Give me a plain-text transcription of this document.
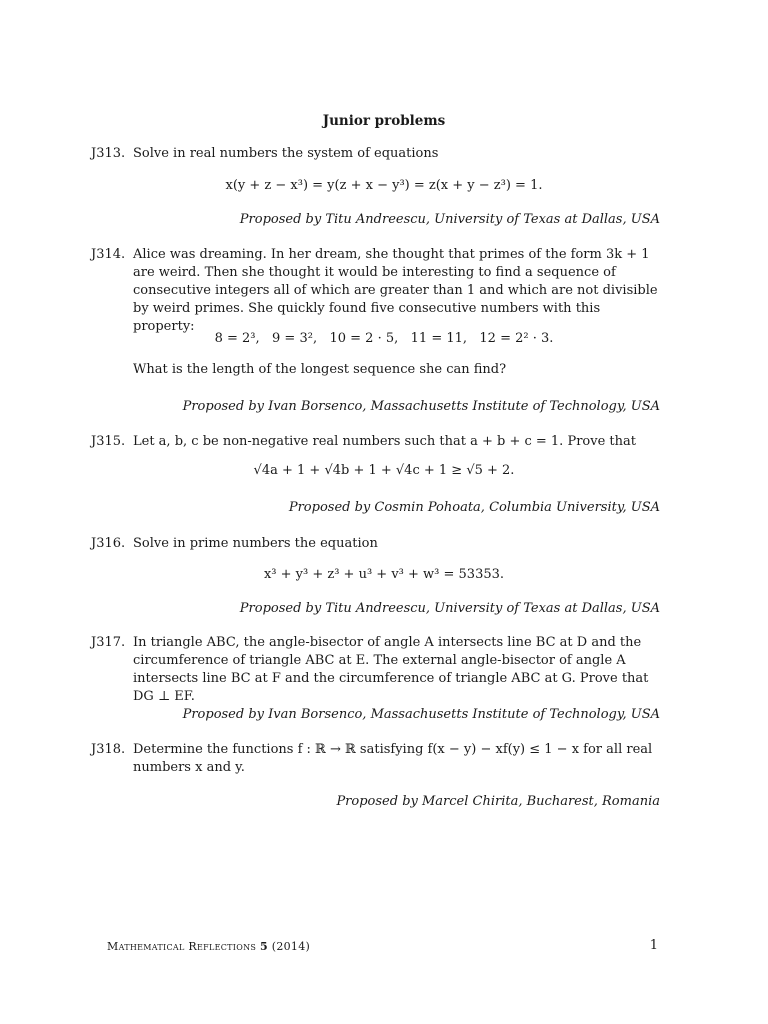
Junior problems
J313. Solve in real numbers the system of equations
x(y + z − x³) = y(z + x − y³) = z(x + y − z³) = 1.
Proposed by Titu Andreescu, University of Texas at Dallas, USA
J314. Alice was dreaming. In her dream, she thought that primes of the form 3k + 1 are weird. Then she thought it would be interesting to find a sequence of consecutive integers all of which are greater than 1 and which are not divisible by weird primes. She quickly found five consecutive numbers with this property:
8 = 2³,   9 = 3²,   10 = 2 · 5,   11 = 11,   12 = 2² · 3.
What is the length of the longest sequence she can find?
Proposed by Ivan Borsenco, Massachusetts Institute of Technology, USA
J315. Let a, b, c be non-negative real numbers such that a + b + c = 1. Prove that
√4a + 1 + √4b + 1 + √4c + 1 ≥ √5 + 2.
Proposed by Cosmin Pohoata, Columbia University, USA
J316. Solve in prime numbers the equation
x³ + y³ + z³ + u³ + v³ + w³ = 53353.
Proposed by Titu Andreescu, University of Texas at Dallas, USA
J317. In triangle ABC, the angle-bisector of angle A intersects line BC at D and the circumference of triangle ABC at E. The external angle-bisector of angle A intersects line BC at F and the circumference of triangle ABC at G. Prove that DG ⊥ EF.
Proposed by Ivan Borsenco, Massachusetts Institute of Technology, USA
J318. Determine the functions f : ℝ → ℝ satisfying f(x − y) − xf(y) ≤ 1 − x for all real numbers x and y.
Proposed by Marcel Chirita, Bucharest, Romania
Mathematical Reflections 5 (2014)	1
